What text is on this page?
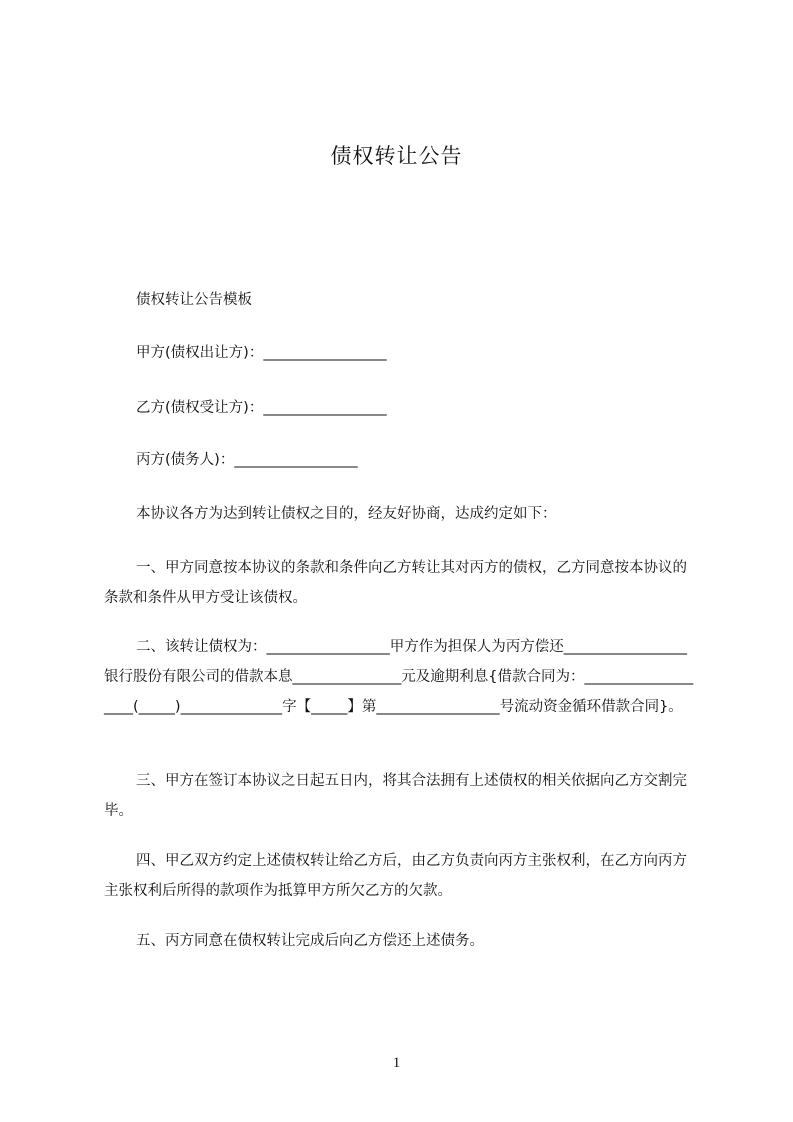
债权转让公告
债权转让公告模板
甲方(债权出让方)：_________________
乙方(债权受让方)：_________________
丙方(债务人)：_________________
本协议各方为达到转让债权之目的，经友好协商，达成约定如下：
一、甲方同意按本协议的条款和条件向乙方转让其对丙方的债权，乙方同意按本协议的条款和条件从甲方受让该债权。
二、该转让债权为：_________________甲方作为担保人为丙方偿还_________________银行股份有限公司的借款本息_______________元及逾期利息{借款合同为：___________________(_____)______________字【_____】第_________________号流动资金循环借款合同}。
三、甲方在签订本协议之日起五日内，将其合法拥有上述债权的相关依据向乙方交割完毕。
四、甲乙双方约定上述债权转让给乙方后，由乙方负责向丙方主张权利，在乙方向丙方主张权利后所得的款项作为抵算甲方所欠乙方的欠款。
五、丙方同意在债权转让完成后向乙方偿还上述债务。
1
